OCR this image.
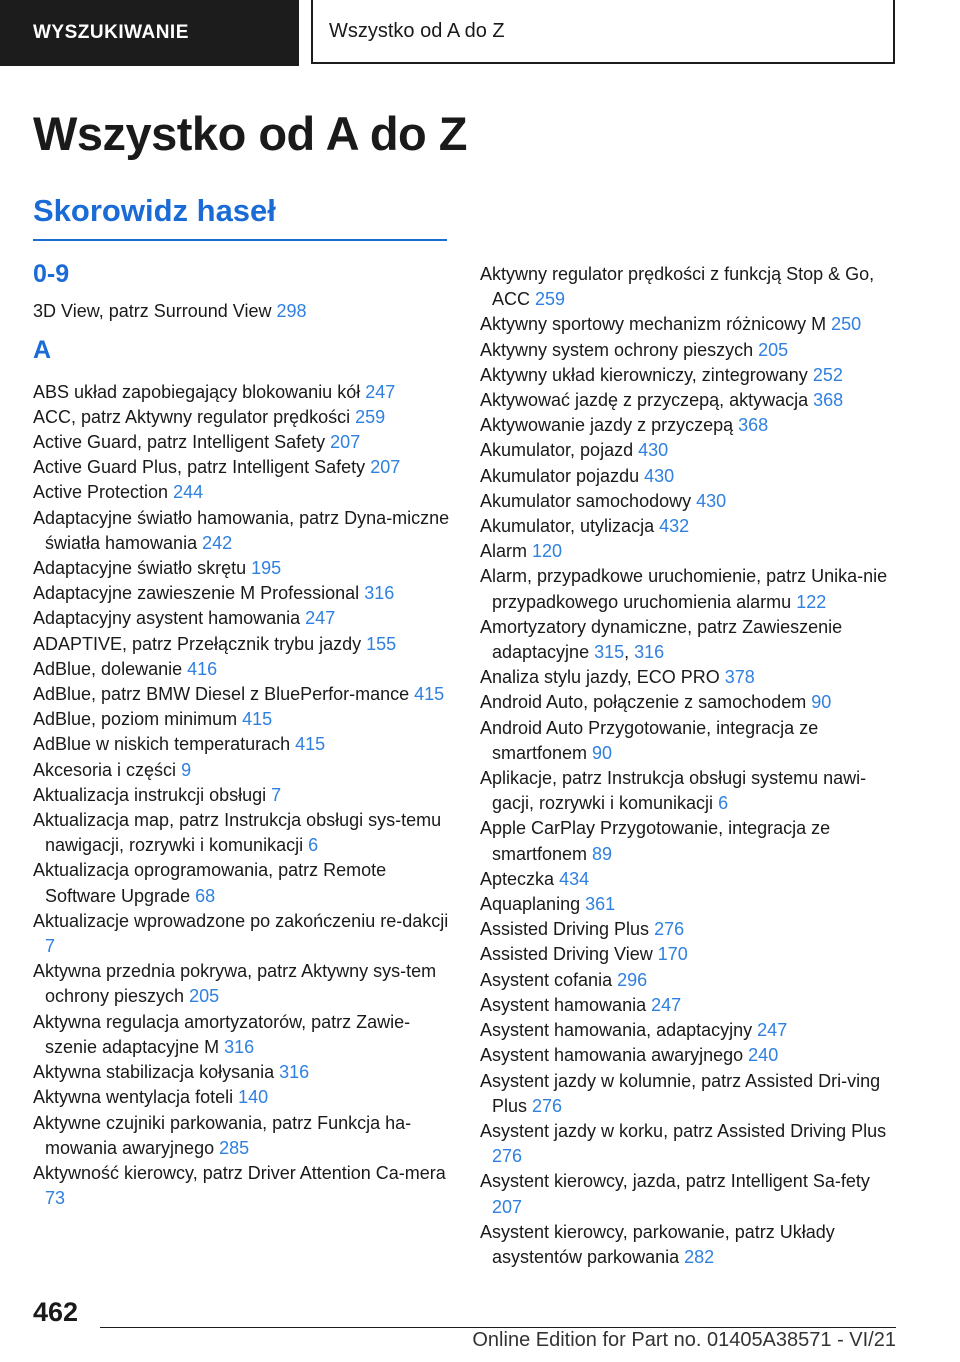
WYSZUKIWANIE	Wszystko od A do Z
Wszystko od A do Z
Skorowidz haseł
0-9
3D View, patrz Surround View 298
A
ABS układ zapobiegający blokowaniu kół 247
ACC, patrz Aktywny regulator prędkości 259
Active Guard, patrz Intelligent Safety 207
Active Guard Plus, patrz Intelligent Safety 207
Active Protection 244
Adaptacyjne światło hamowania, patrz Dyna-miczne światła hamowania 242
Adaptacyjne światło skrętu 195
Adaptacyjne zawieszenie M Professional 316
Adaptacyjny asystent hamowania 247
ADAPTIVE, patrz Przełącznik trybu jazdy 155
AdBlue, dolewanie 416
AdBlue, patrz BMW Diesel z BluePerfor-mance 415
AdBlue, poziom minimum 415
AdBlue w niskich temperaturach 415
Akcesoria i części 9
Aktualizacja instrukcji obsługi 7
Aktualizacja map, patrz Instrukcja obsługi sys-temu nawigacji, rozrywki i komunikacji 6
Aktualizacja oprogramowania, patrz Remote Software Upgrade 68
Aktualizacje wprowadzone po zakończeniu re-dakcji 7
Aktywna przednia pokrywa, patrz Aktywny sys-tem ochrony pieszych 205
Aktywna regulacja amortyzatorów, patrz Zawie-szenie adaptacyjne M 316
Aktywna stabilizacja kołysania 316
Aktywna wentylacja foteli 140
Aktywne czujniki parkowania, patrz Funkcja ha-mowania awaryjnego 285
Aktywność kierowcy, patrz Driver Attention Ca-mera 73
Aktywny regulator prędkości z funkcją Stop & Go, ACC 259
Aktywny sportowy mechanizm różnicowy M 250
Aktywny system ochrony pieszych 205
Aktywny układ kierowniczy, zintegrowany 252
Aktywować jazdę z przyczepą, aktywacja 368
Aktywowanie jazdy z przyczepą 368
Akumulator, pojazd 430
Akumulator pojazdu 430
Akumulator samochodowy 430
Akumulator, utylizacja 432
Alarm 120
Alarm, przypadkowe uruchomienie, patrz Unika-nie przypadkowego uruchomienia alarmu 122
Amortyzatory dynamiczne, patrz Zawieszenie adaptacyjne 315, 316
Analiza stylu jazdy, ECO PRO 378
Android Auto, połączenie z samochodem 90
Android Auto Przygotowanie, integracja ze smartfonem 90
Aplikacje, patrz Instrukcja obsługi systemu nawi-gacji, rozrywki i komunikacji 6
Apple CarPlay Przygotowanie, integracja ze smartfonem 89
Apteczka 434
Aquaplaning 361
Assisted Driving Plus 276
Assisted Driving View 170
Asystent cofania 296
Asystent hamowania 247
Asystent hamowania, adaptacyjny 247
Asystent hamowania awaryjnego 240
Asystent jazdy w kolumnie, patrz Assisted Dri-ving Plus 276
Asystent jazdy w korku, patrz Assisted Driving Plus 276
Asystent kierowcy, jazda, patrz Intelligent Sa-fety 207
Asystent kierowcy, parkowanie, patrz Układy asystentów parkowania 282
462
Online Edition for Part no. 01405A38571 - VI/21
